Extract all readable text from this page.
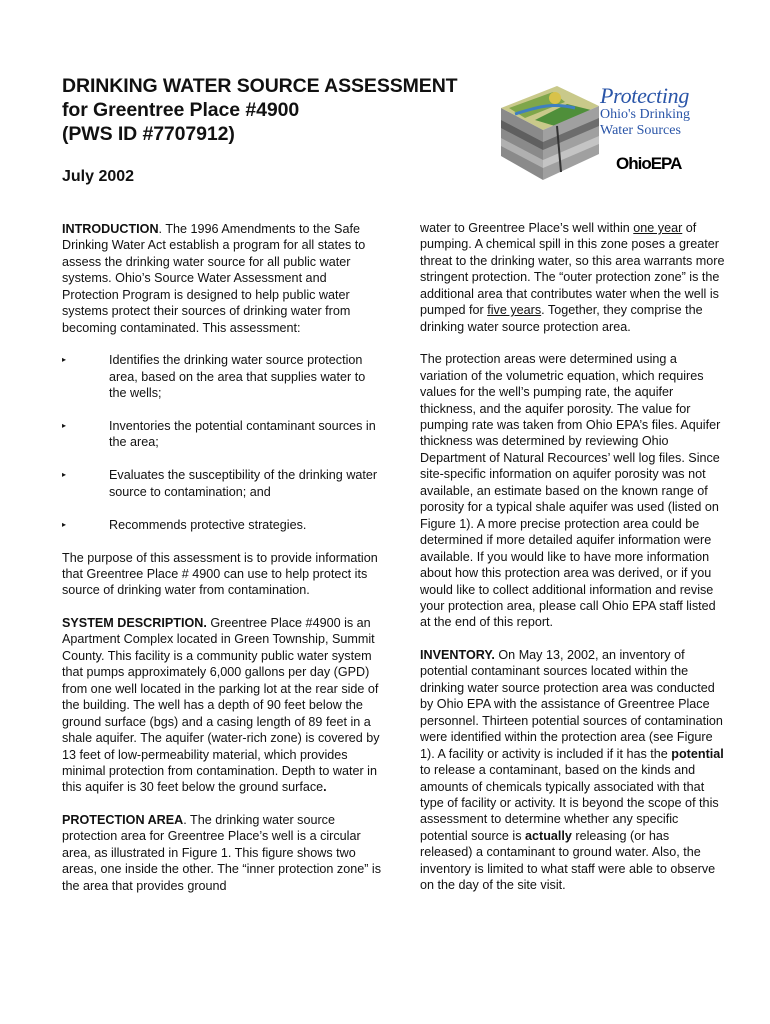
DRINKING WATER SOURCE ASSESSMENT
for Greentree Place #4900
(PWS ID #7707912)
July 2002
Protecting
Ohio's Drinking
Water Sources
OhioEPA

INTRODUCTION. The 1996 Amendments to the Safe Drinking Water Act establish a program for all states to assess the drinking water source for all public water systems. Ohio’s Source Water Assessment and Protection Program is designed to help public water systems protect their sources of drinking water from becoming contaminated. This assessment:

▸	Identifies the drinking water source protection area, based on the area that supplies water to the wells;
▸	Inventories the potential contaminant sources in the area;
▸	Evaluates the susceptibility of the drinking water source to contamination; and
▸	Recommends protective strategies.

The purpose of this assessment is to provide information that Greentree Place # 4900 can use to help protect its source of drinking water from contamination.

SYSTEM DESCRIPTION. Greentree Place #4900 is an Apartment Complex located in Green Township, Summit County. This facility is a community public water system that pumps approximately 6,000 gallons per day (GPD) from one well located in the parking lot at the rear side of the building. The well has a depth of 90 feet below the ground surface (bgs) and a casing length of 89 feet in a shale aquifer. The aquifer (water-rich zone) is covered by 13 feet of low-permeability material, which provides minimal protection from contamination. Depth to water in this aquifer is 30 feet below the ground surface.

PROTECTION AREA. The drinking water source protection area for Greentree Place’s well is a circular area, as illustrated in Figure 1. This figure shows two areas, one inside the other. The “inner protection zone” is the area that provides ground

water to Greentree Place’s well within one year of pumping. A chemical spill in this zone poses a greater threat to the drinking water, so this area warrants more stringent protection. The “outer protection zone” is the additional area that contributes water when the well is pumped for five years. Together, they comprise the drinking water source protection area.

The protection areas were determined using a variation of the volumetric equation, which requires values for the well’s pumping rate, the aquifer thickness, and the aquifer porosity. The value for pumping rate was taken from Ohio EPA’s files. Aquifer thickness was determined by reviewing Ohio Department of Natural Recources’ well log files. Since site-specific information on aquifer porosity was not available, an estimate based on the known range of porosity for a typical shale aquifer was used (listed on Figure 1). A more precise protection area could be determined if more detailed aquifer information were available. If you would like to have more information about how this protection area was derived, or if you would like to collect additional information and revise your protection area, please call Ohio EPA staff listed at the end of this report.

INVENTORY. On May 13, 2002, an inventory of potential contaminant sources located within the drinking water source protection area was conducted by Ohio EPA with the assistance of Greentree Place personnel. Thirteen potential sources of contamination were identified within the protection area (see Figure 1). A facility or activity is included if it has the potential to release a contaminant, based on the kinds and amounts of chemicals typically associated with that type of facility or activity. It is beyond the scope of this assessment to determine whether any specific potential source is actually releasing (or has released) a contaminant to ground water. Also, the inventory is limited to what staff were able to observe on the day of the site visit.
